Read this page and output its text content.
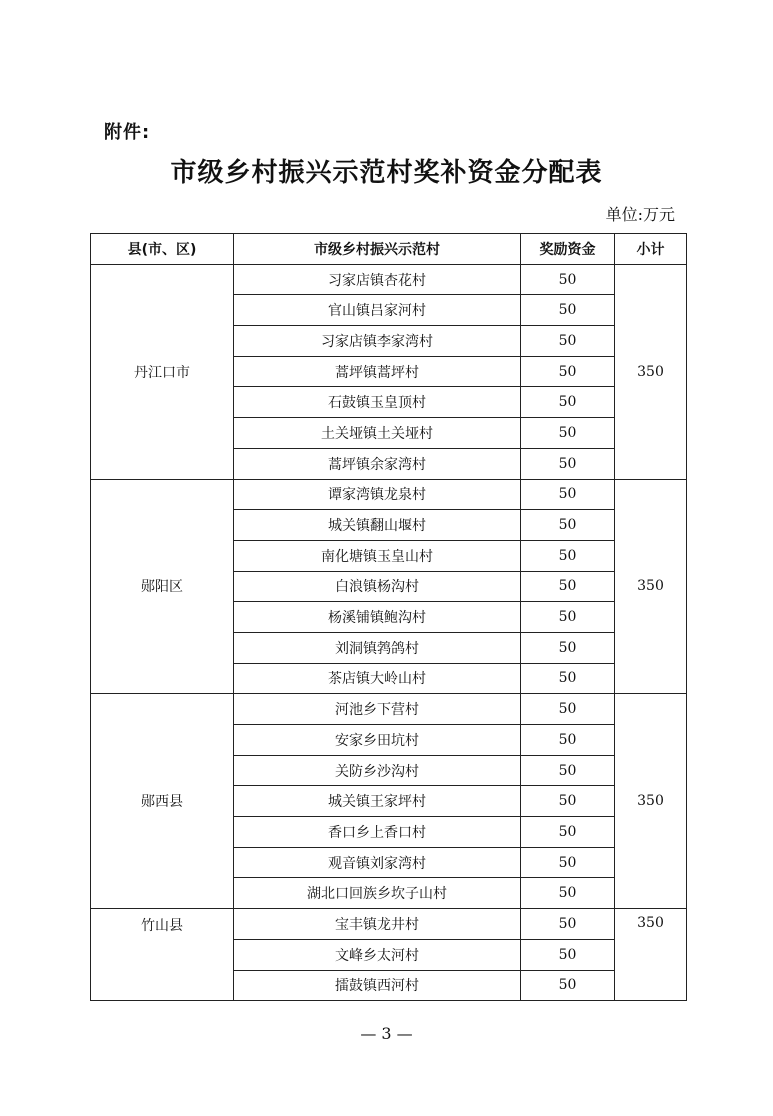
附件:
市级乡村振兴示范村奖补资金分配表
单位:万元
县(市、区)	市级乡村振兴示范村	奖励资金	小计
丹江口市	习家店镇杏花村	50	350
	官山镇吕家河村	50	
	习家店镇李家湾村	50	
	蒿坪镇蒿坪村	50	
	石鼓镇玉皇顶村	50	
	土关垭镇土关垭村	50	
	蒿坪镇余家湾村	50	
郧阳区	谭家湾镇龙泉村	50	350
	城关镇翻山堰村	50	
	南化塘镇玉皇山村	50	
	白浪镇杨沟村	50	
	杨溪铺镇鲍沟村	50	
	刘洞镇鹁鸽村	50	
	茶店镇大岭山村	50	
郧西县	河池乡下营村	50	350
	安家乡田坑村	50	
	关防乡沙沟村	50	
	城关镇王家坪村	50	
	香口乡上香口村	50	
	观音镇刘家湾村	50	
	湖北口回族乡坎子山村	50	
竹山县	宝丰镇龙井村	50	350
	文峰乡太河村	50	
	擂鼓镇西河村	50	
— 3 —
